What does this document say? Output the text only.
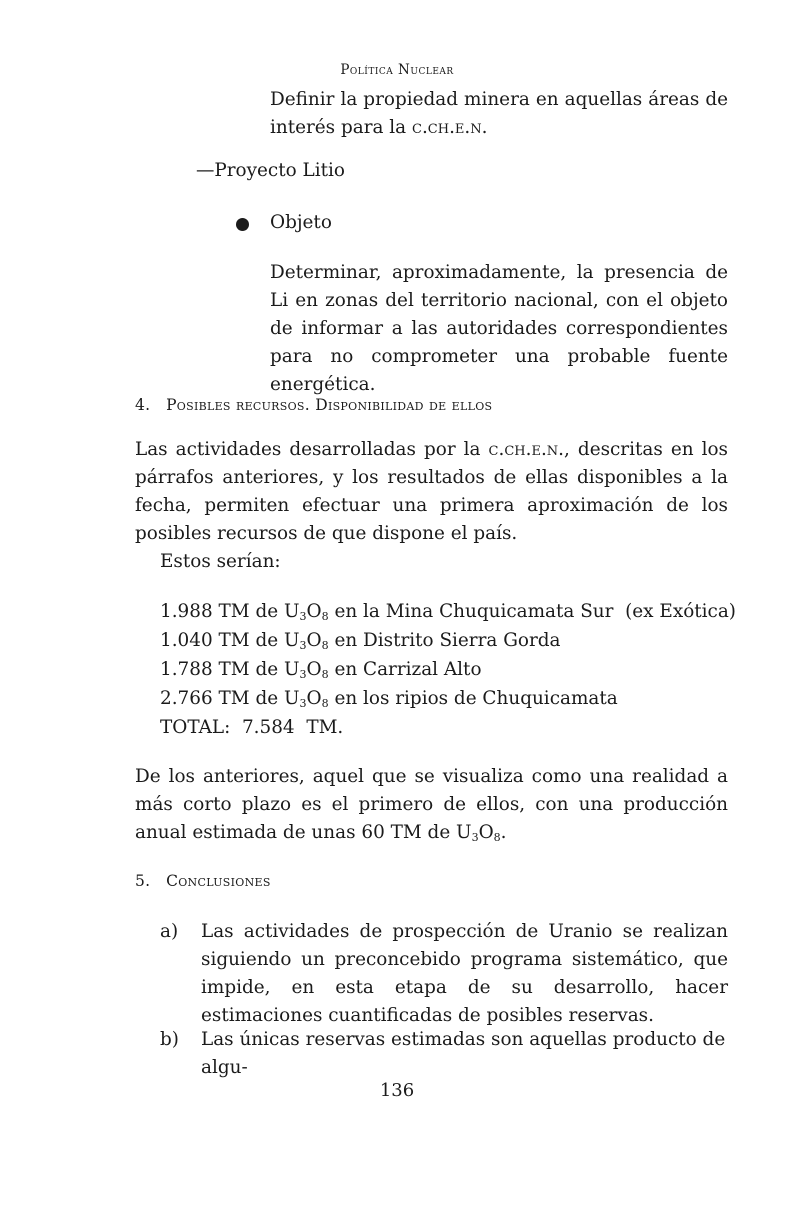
Política Nuclear

Definir la propiedad minera en aquellas áreas de interés para la c.ch.e.n.

—Proyecto Litio

Objeto

Determinar, aproximadamente, la presencia de Li en zonas del territorio nacional, con el objeto de informar a las autoridades correspondientes para no comprometer una probable fuente energética.

4. Posibles recursos. Disponibilidad de ellos

Las actividades desarrolladas por la c.ch.e.n., descritas en los párrafos anteriores, y los resultados de ellas disponibles a la fecha, permiten efectuar una primera aproximación de los posibles recursos de que dispone el país.

Estos serían:

1.988 TM de $U_3O_8$ en la Mina Chuquicamata Sur  (ex Exótica)
1.040 TM de $U_3O_8$ en Distrito Sierra Gorda
1.788 TM de $U_3O_8$ en Carrizal Alto
2.766 TM de $U_3O_8$ en los ripios de Chuquicamata
TOTAL:  7.584  TM.

De los anteriores, aquel que se visualiza como una realidad a más corto plazo es el primero de ellos, con una producción anual estimada de unas 60 TM de $U_3O_8$.

5. Conclusiones
a) Las actividades de prospección de Uranio se realizan siguiendo un preconcebido programa sistemático, que impide, en esta etapa de su desarrollo, hacer estimaciones cuantificadas de posibles reservas.

b) Las únicas reservas estimadas son aquellas producto de algu-

136
